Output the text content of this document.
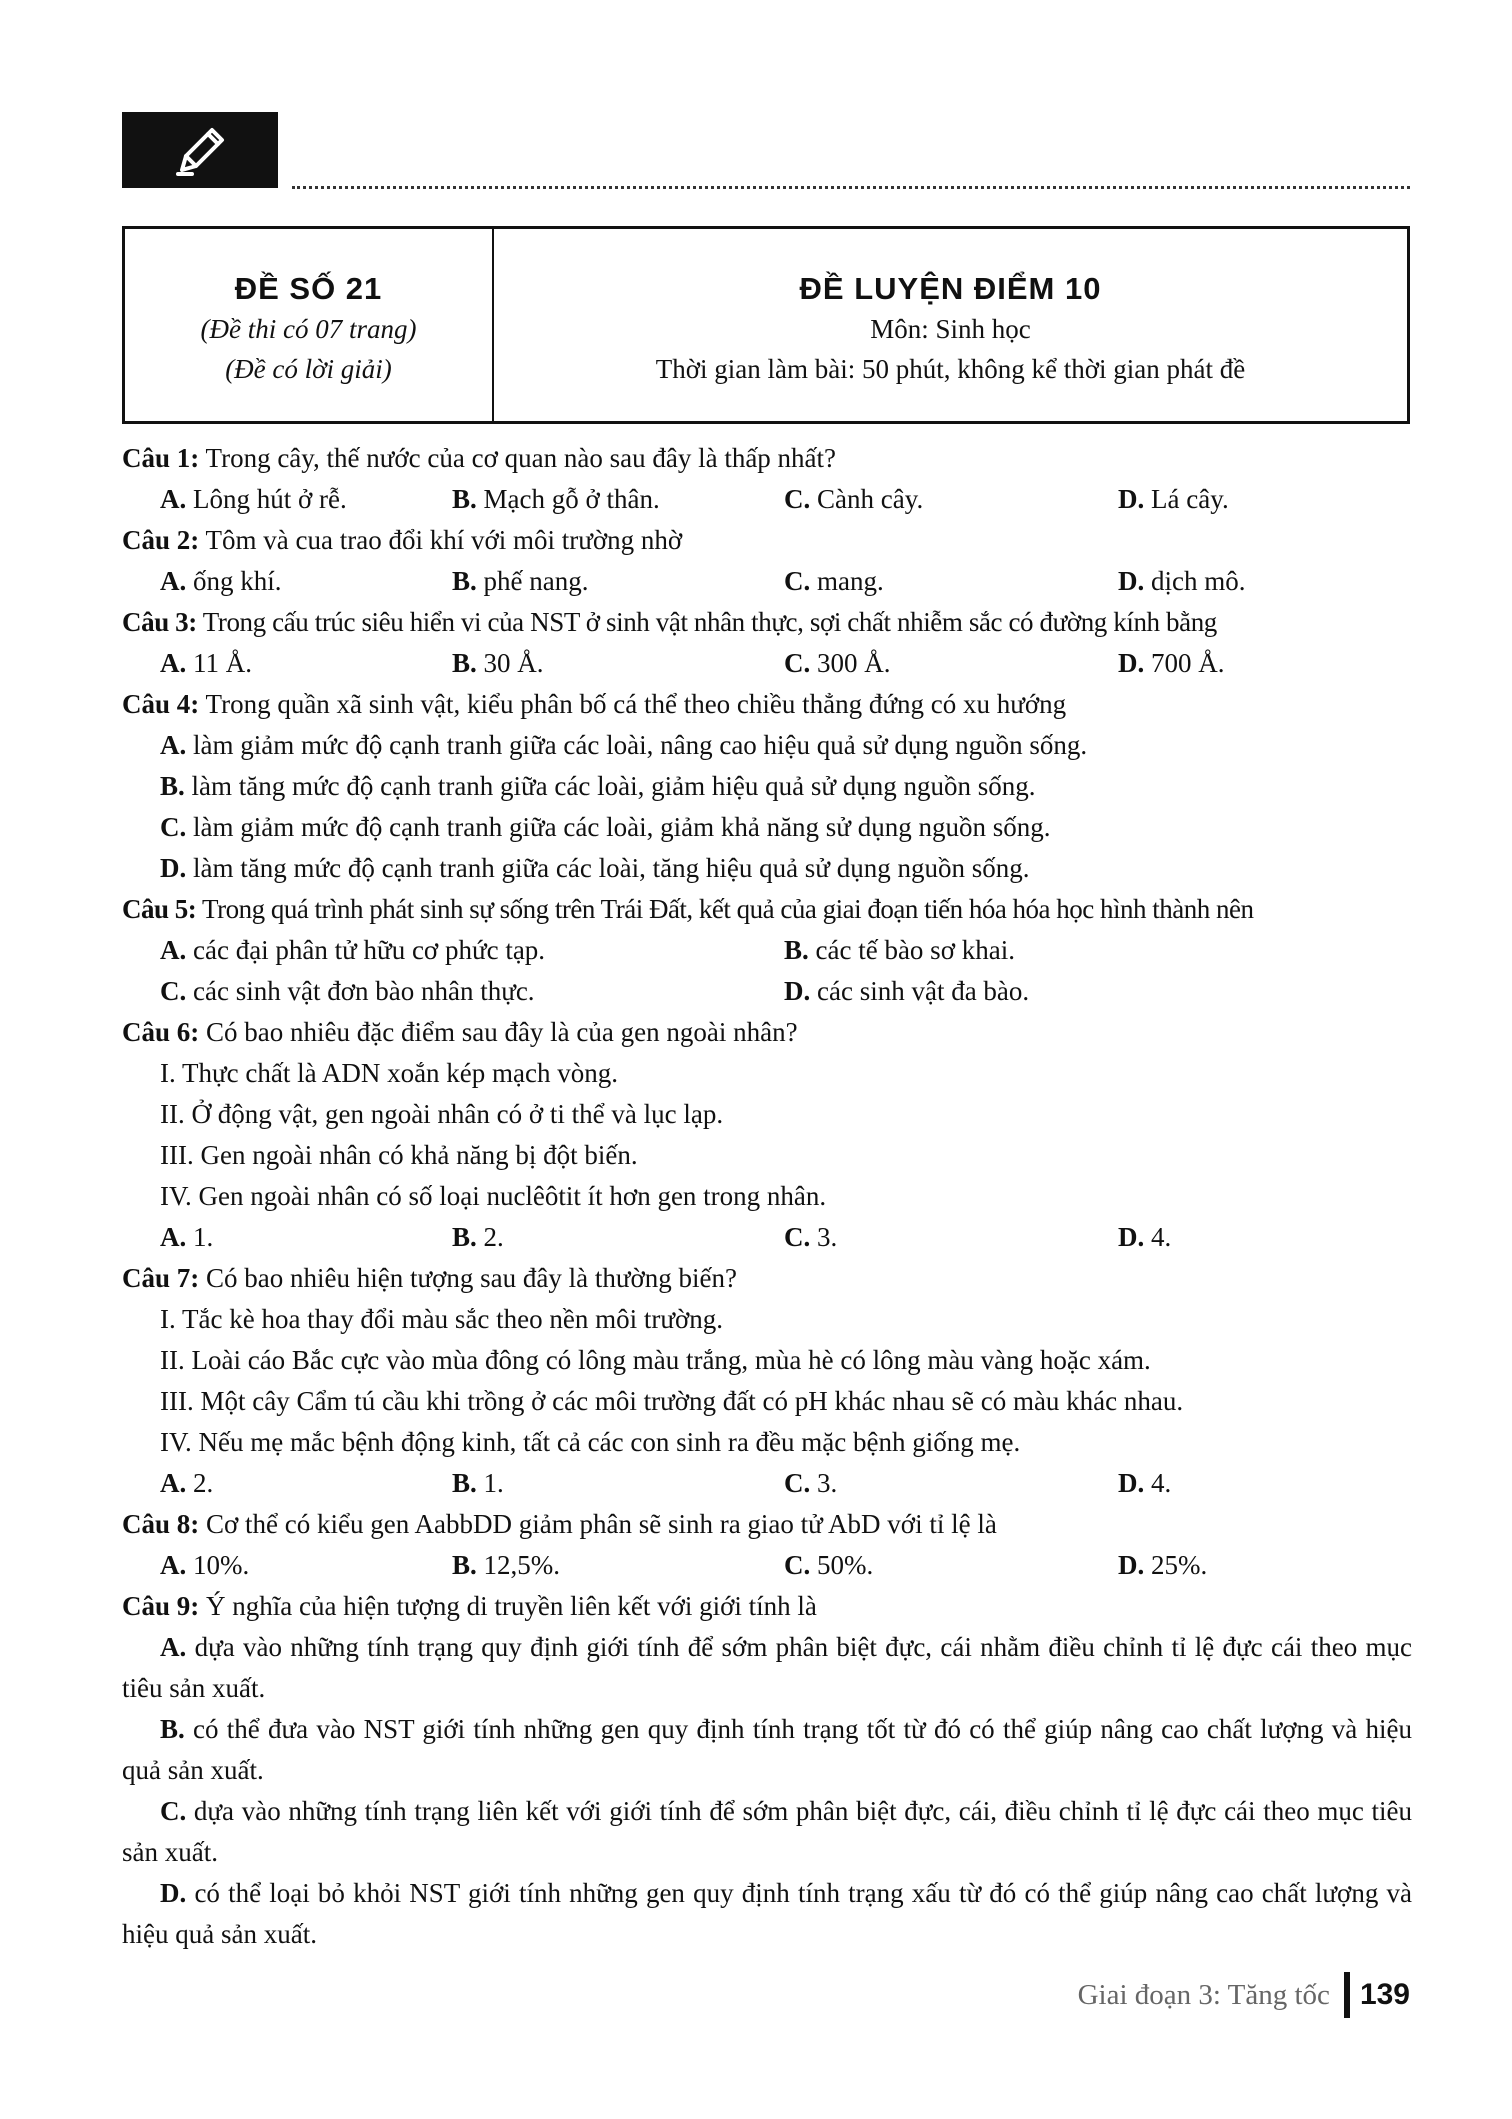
ĐỀ SỐ 21
(Đề thi có 07 trang)
(Đề có lời giải)
ĐỀ LUYỆN ĐIỂM 10
Môn: Sinh học
Thời gian làm bài: 50 phút, không kể thời gian phát đề
Câu 1: Trong cây, thế nước của cơ quan nào sau đây là thấp nhất?
A. Lông hút ở rễ.	B. Mạch gỗ ở thân.	C. Cành cây.	D. Lá cây.
Câu 2: Tôm và cua trao đổi khí với môi trường nhờ
A. ống khí.	B. phế nang.	C. mang.	D. dịch mô.
Câu 3: Trong cấu trúc siêu hiển vi của NST ở sinh vật nhân thực, sợi chất nhiễm sắc có đường kính bằng
A. 11 Å.	B. 30 Å.	C. 300 Å.	D. 700 Å.
Câu 4: Trong quần xã sinh vật, kiểu phân bố cá thể theo chiều thẳng đứng có xu hướng
A. làm giảm mức độ cạnh tranh giữa các loài, nâng cao hiệu quả sử dụng nguồn sống.
B. làm tăng mức độ cạnh tranh giữa các loài, giảm hiệu quả sử dụng nguồn sống.
C. làm giảm mức độ cạnh tranh giữa các loài, giảm khả năng sử dụng nguồn sống.
D. làm tăng mức độ cạnh tranh giữa các loài, tăng hiệu quả sử dụng nguồn sống.
Câu 5: Trong quá trình phát sinh sự sống trên Trái Đất, kết quả của giai đoạn tiến hóa hóa học hình thành nên
A. các đại phân tử hữu cơ phức tạp.	B. các tế bào sơ khai.
C. các sinh vật đơn bào nhân thực.	D. các sinh vật đa bào.
Câu 6: Có bao nhiêu đặc điểm sau đây là của gen ngoài nhân?
I. Thực chất là ADN xoắn kép mạch vòng.
II. Ở động vật, gen ngoài nhân có ở ti thể và lục lạp.
III. Gen ngoài nhân có khả năng bị đột biến.
IV. Gen ngoài nhân có số loại nuclêôtit ít hơn gen trong nhân.
A. 1.	B. 2.	C. 3.	D. 4.
Câu 7: Có bao nhiêu hiện tượng sau đây là thường biến?
I. Tắc kè hoa thay đổi màu sắc theo nền môi trường.
II. Loài cáo Bắc cực vào mùa đông có lông màu trắng, mùa hè có lông màu vàng hoặc xám.
III. Một cây Cẩm tú cầu khi trồng ở các môi trường đất có pH khác nhau sẽ có màu khác nhau.
IV. Nếu mẹ mắc bệnh động kinh, tất cả các con sinh ra đều mặc bệnh giống mẹ.
A. 2.	B. 1.	C. 3.	D. 4.
Câu 8: Cơ thể có kiểu gen AabbDD giảm phân sẽ sinh ra giao tử AbD với tỉ lệ là
A. 10%.	B. 12,5%.	C. 50%.	D. 25%.
Câu 9: Ý nghĩa của hiện tượng di truyền liên kết với giới tính là
A. dựa vào những tính trạng quy định giới tính để sớm phân biệt đực, cái nhằm điều chỉnh tỉ lệ đực cái theo mục tiêu sản xuất.
B. có thể đưa vào NST giới tính những gen quy định tính trạng tốt từ đó có thể giúp nâng cao chất lượng và hiệu quả sản xuất.
C. dựa vào những tính trạng liên kết với giới tính để sớm phân biệt đực, cái, điều chỉnh tỉ lệ đực cái theo mục tiêu sản xuất.
D. có thể loại bỏ khỏi NST giới tính những gen quy định tính trạng xấu từ đó có thể giúp nâng cao chất lượng và hiệu quả sản xuất.
Giai đoạn 3: Tăng tốc 139
